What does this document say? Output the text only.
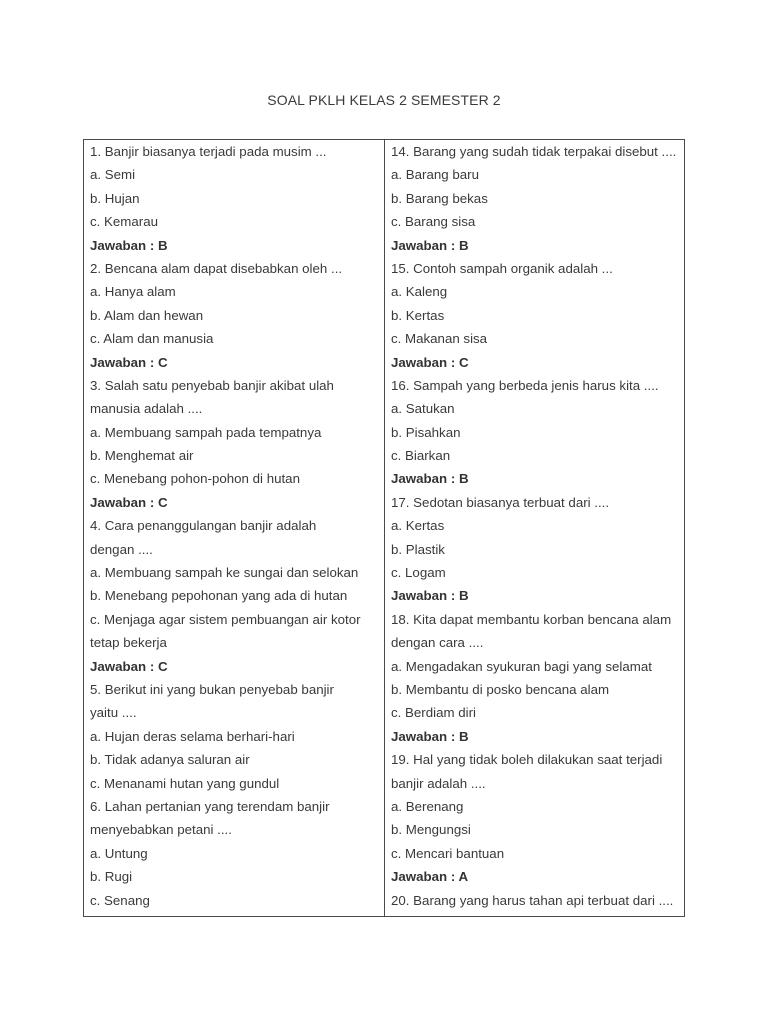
SOAL PKLH KELAS 2 SEMESTER 2
1. Banjir biasanya terjadi pada musim ...
a. Semi
b. Hujan
c. Kemarau
Jawaban : B
2. Bencana alam dapat disebabkan oleh ...
a. Hanya alam
b. Alam dan hewan
c. Alam dan manusia
Jawaban : C
3. Salah satu penyebab banjir akibat ulah
manusia adalah ....
a. Membuang sampah pada tempatnya
b. Menghemat air
c. Menebang pohon-pohon di hutan
Jawaban : C
4. Cara penanggulangan banjir adalah
dengan ....
a. Membuang sampah ke sungai dan selokan
b. Menebang pepohonan yang ada di hutan
c. Menjaga agar sistem pembuangan air kotor
tetap bekerja
Jawaban : C
5. Berikut ini yang bukan penyebab banjir
yaitu ....
a. Hujan deras selama berhari-hari
b. Tidak adanya saluran air
c. Menanami hutan yang gundul
6. Lahan pertanian yang terendam banjir
menyebabkan petani ....
a. Untung
b. Rugi
c. Senang
14. Barang yang sudah tidak terpakai disebut ....
a. Barang baru
b. Barang bekas
c. Barang sisa
Jawaban : B
15. Contoh sampah organik adalah ...
a. Kaleng
b. Kertas
c. Makanan sisa
Jawaban : C
16. Sampah yang berbeda jenis harus kita ....
a. Satukan
b. Pisahkan
c. Biarkan
Jawaban : B
17. Sedotan biasanya terbuat dari ....
a. Kertas
b. Plastik
c. Logam
Jawaban : B
18. Kita dapat membantu korban bencana alam
dengan cara ....
a. Mengadakan syukuran bagi yang selamat
b. Membantu di posko bencana alam
c. Berdiam diri
Jawaban : B
19. Hal yang tidak boleh dilakukan saat terjadi
banjir adalah ....
a. Berenang
b. Mengungsi
c. Mencari bantuan
Jawaban : A
20. Barang yang harus tahan api terbuat dari ....
